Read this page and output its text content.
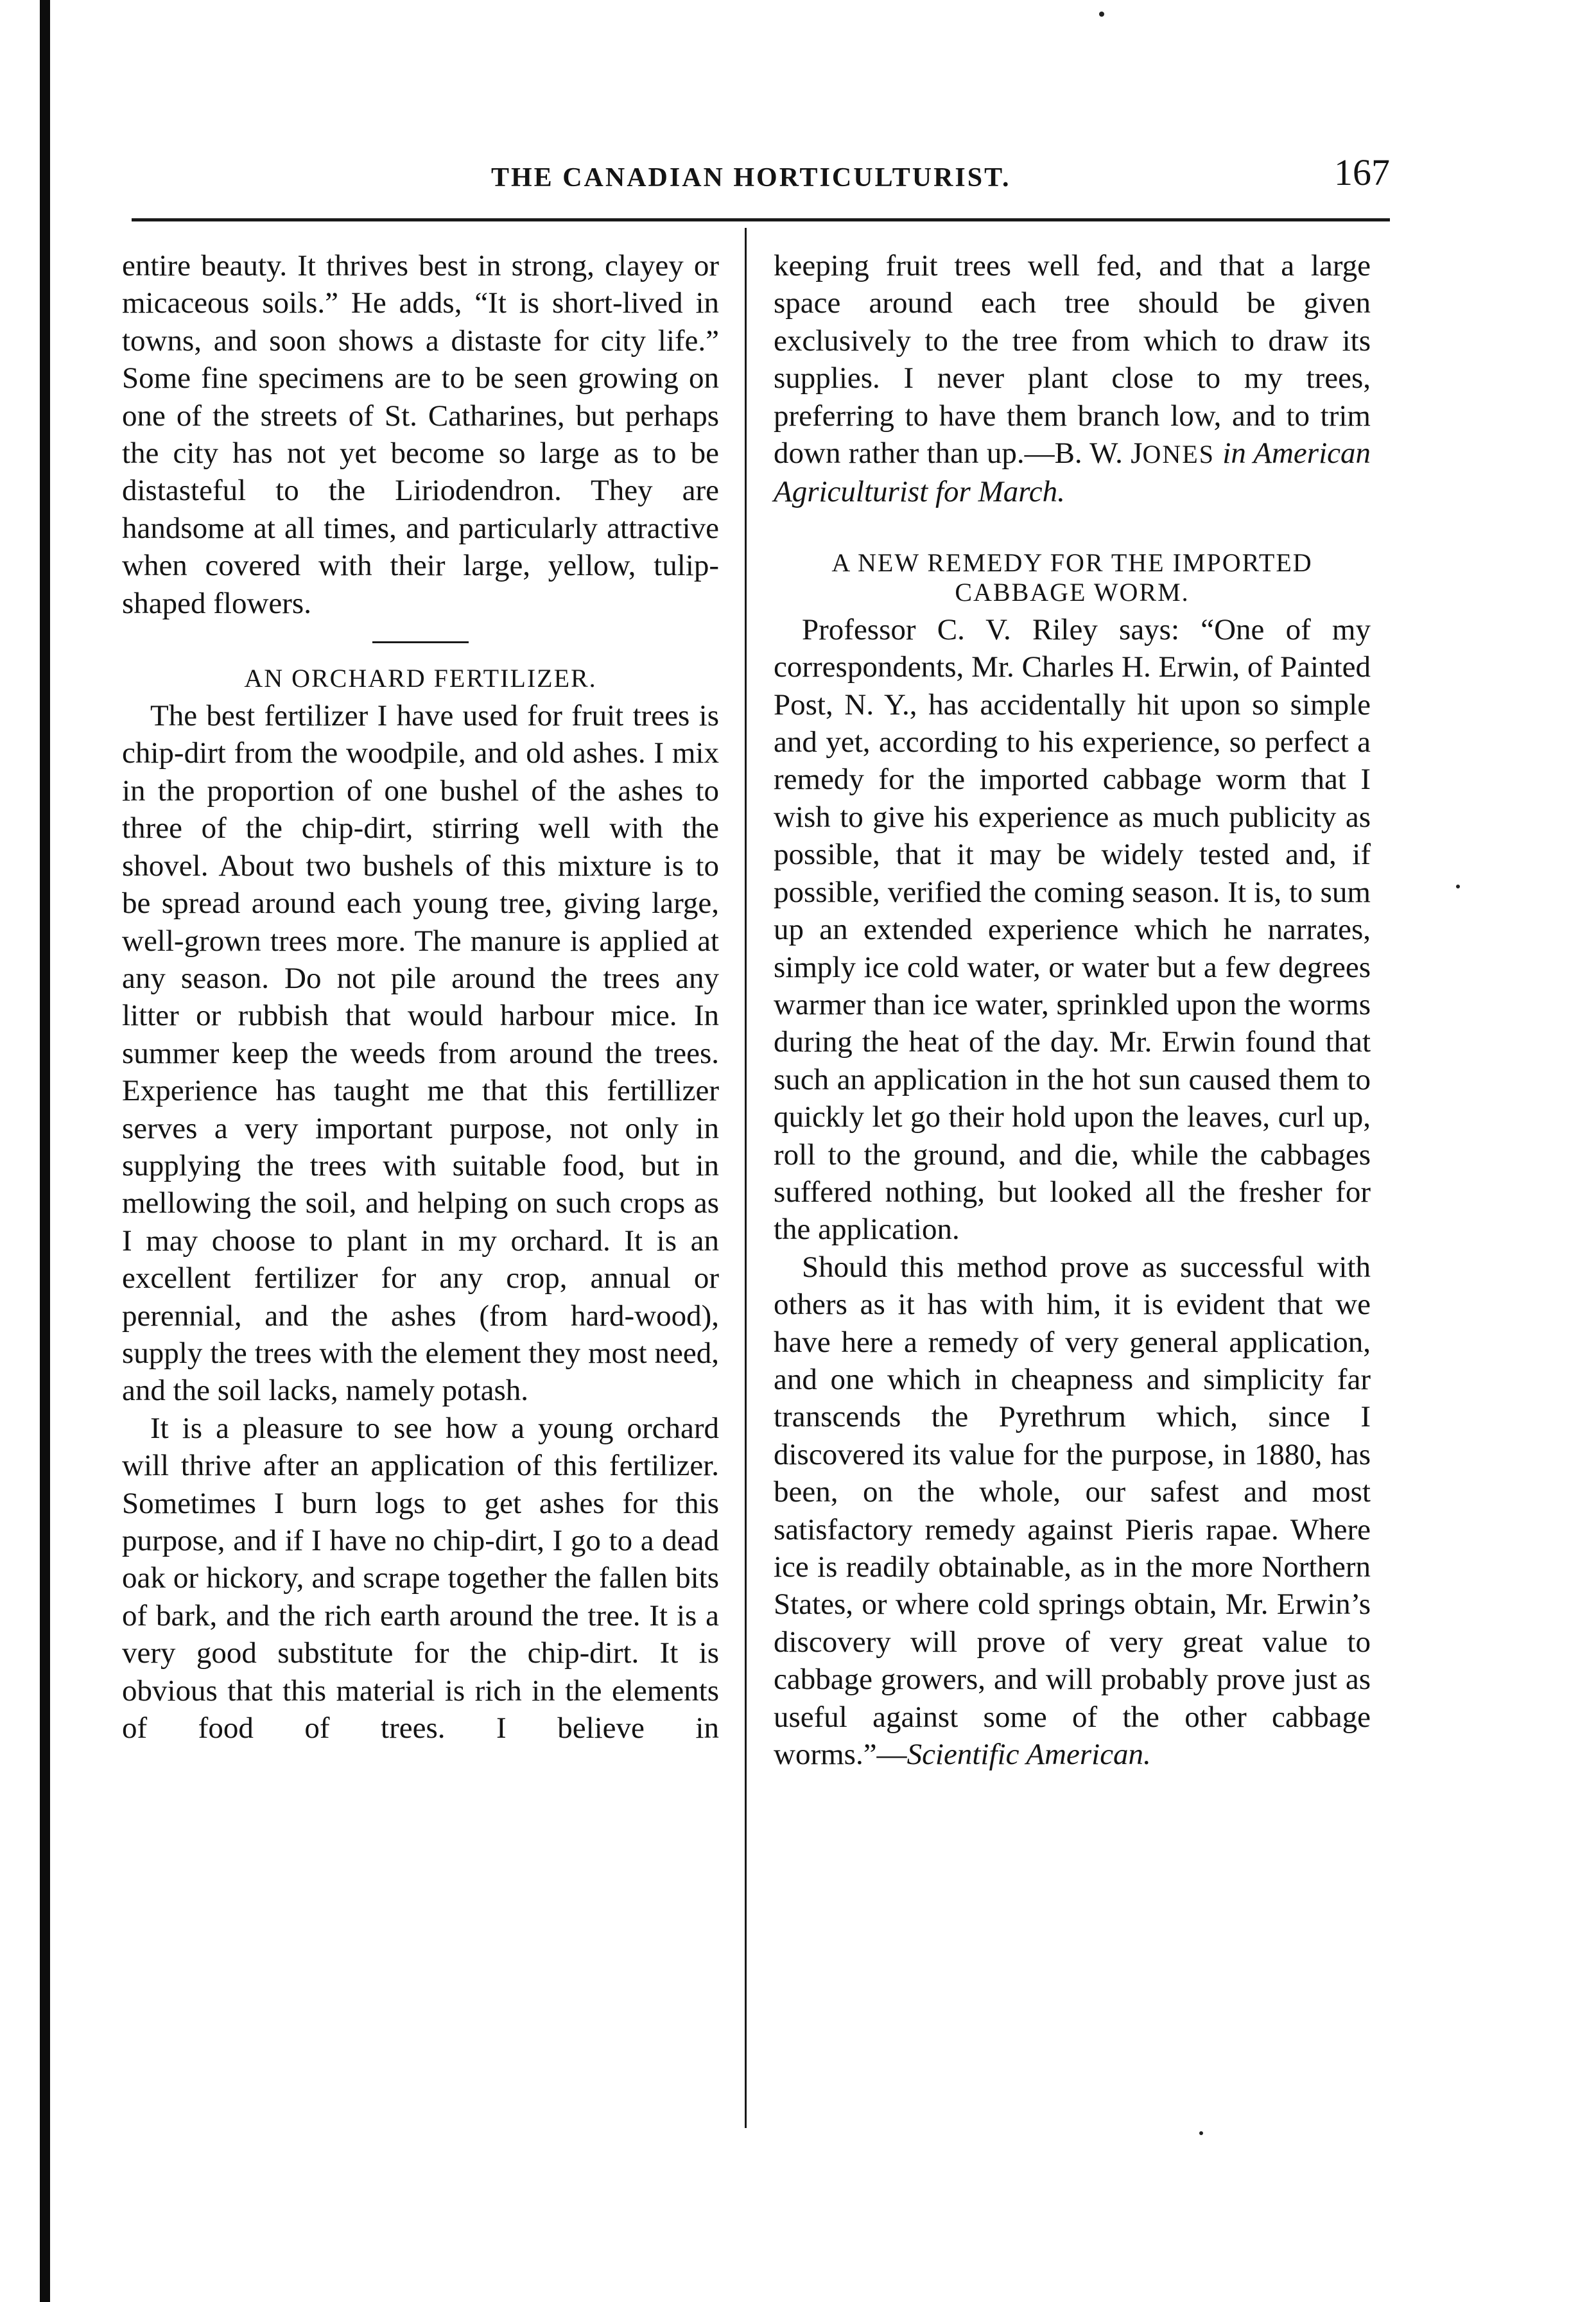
THE CANADIAN HORTICULTURIST.	167

entire beauty. It thrives best in strong, clayey or micaceous soils.” He adds, “It is short-lived in towns, and soon shows a distaste for city life.” Some fine specimens are to be seen growing on one of the streets of St. Catharines, but perhaps the city has not yet become so large as to be distasteful to the Liriodendron. They are handsome at all times, and particularly attractive when covered with their large, yellow, tulip-shaped flowers.

AN ORCHARD FERTILIZER.

The best fertilizer I have used for fruit trees is chip-dirt from the woodpile, and old ashes. I mix in the proportion of one bushel of the ashes to three of the chip-dirt, stirring well with the shovel. About two bushels of this mixture is to be spread around each young tree, giving large, well-grown trees more. The manure is applied at any season. Do not pile around the trees any litter or rubbish that would harbour mice. In summer keep the weeds from around the trees. Experience has taught me that this fertillizer serves a very important purpose, not only in supplying the trees with suitable food, but in mellowing the soil, and helping on such crops as I may choose to plant in my orchard. It is an excellent fertilizer for any crop, annual or perennial, and the ashes (from hard-wood), supply the trees with the element they most need, and the soil lacks, namely potash.

It is a pleasure to see how a young orchard will thrive after an application of this fertilizer. Sometimes I burn logs to get ashes for this purpose, and if I have no chip-dirt, I go to a dead oak or hickory, and scrape together the fallen bits of bark, and the rich earth around the tree. It is a very good substitute for the chip-dirt. It is obvious that this material is rich in the elements of food of trees. I believe in

keeping fruit trees well fed, and that a large space around each tree should be given exclusively to the tree from which to draw its supplies. I never plant close to my trees, preferring to have them branch low, and to trim down rather than up.—B. W. JONES in American Agriculturist for March.

A NEW REMEDY FOR THE IMPORTED
CABBAGE WORM.

Professor C. V. Riley says: “One of my correspondents, Mr. Charles H. Erwin, of Painted Post, N. Y., has accidentally hit upon so simple and yet, according to his experience, so perfect a remedy for the imported cabbage worm that I wish to give his experience as much publicity as possible, that it may be widely tested and, if possible, verified the coming season. It is, to sum up an extended experience which he narrates, simply ice cold water, or water but a few degrees warmer than ice water, sprinkled upon the worms during the heat of the day. Mr. Erwin found that such an application in the hot sun caused them to quickly let go their hold upon the leaves, curl up, roll to the ground, and die, while the cabbages suffered nothing, but looked all the fresher for the application.

Should this method prove as successful with others as it has with him, it is evident that we have here a remedy of very general application, and one which in cheapness and simplicity far transcends the Pyrethrum which, since I discovered its value for the purpose, in 1880, has been, on the whole, our safest and most satisfactory remedy against Pieris rapae. Where ice is readily obtainable, as in the more Northern States, or where cold springs obtain, Mr. Erwin’s discovery will prove of very great value to cabbage growers, and will probably prove just as useful against some of the other cabbage worms.”—Scientific American.
